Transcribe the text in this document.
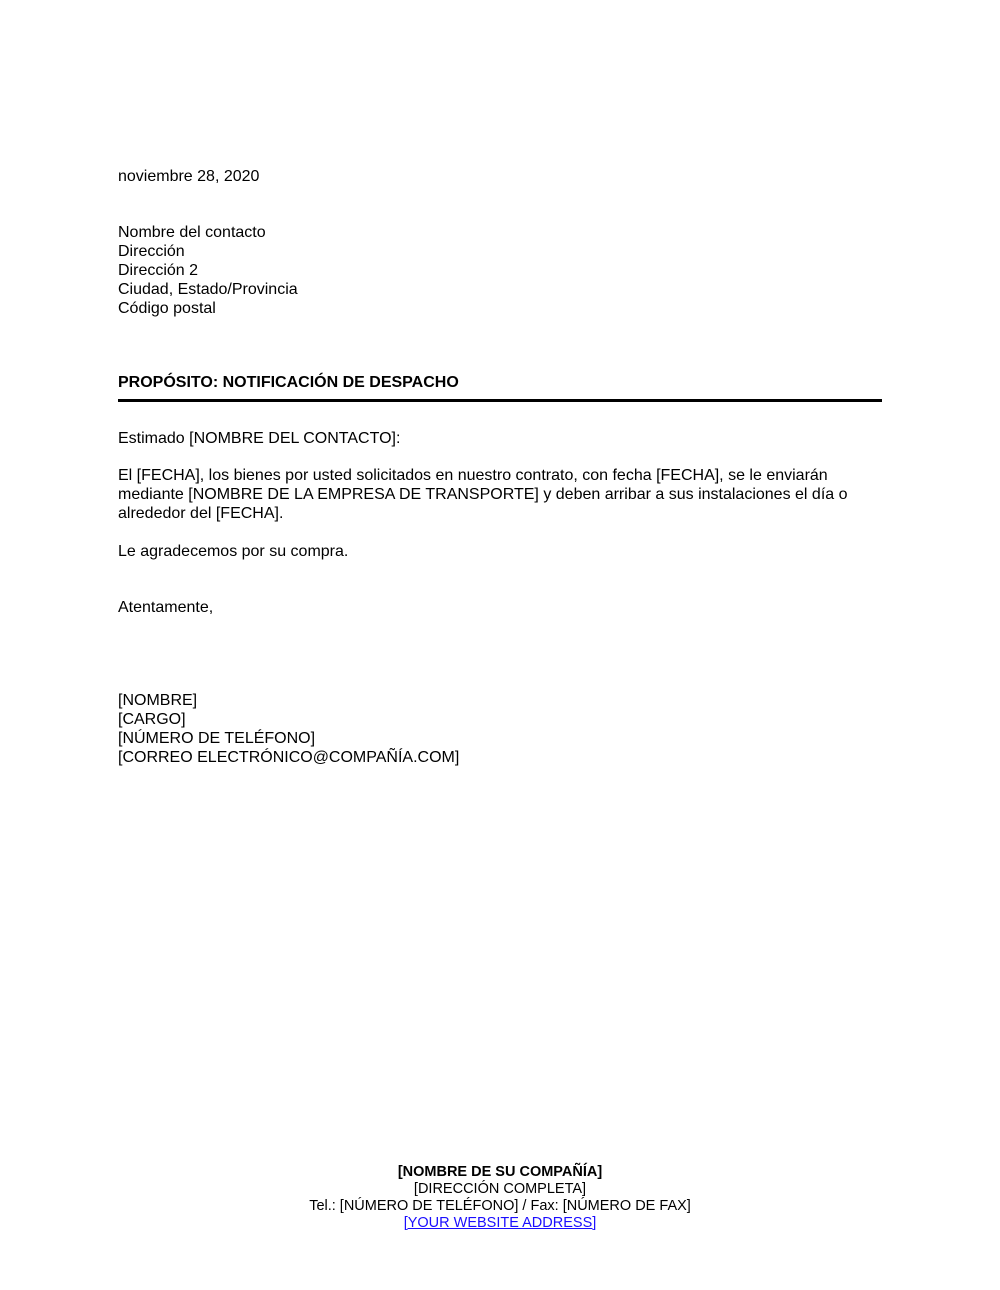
noviembre 28, 2020
Nombre del contacto
Dirección
Dirección 2
Ciudad, Estado/Provincia
Código postal
PROPÓSITO: NOTIFICACIÓN DE DESPACHO
Estimado [NOMBRE DEL CONTACTO]:
El [FECHA], los bienes por usted solicitados en nuestro contrato, con fecha [FECHA], se le enviarán mediante [NOMBRE DE LA EMPRESA DE TRANSPORTE] y deben arribar a sus instalaciones el día o alrededor del [FECHA].
Le agradecemos por su compra.
Atentamente,
[NOMBRE]
[CARGO]
[NÚMERO DE TELÉFONO]
[CORREO ELECTRÓNICO@COMPAÑÍA.COM]
[NOMBRE DE SU COMPAÑÍA]
[DIRECCIÓN COMPLETA]
Tel.: [NÚMERO DE TELÉFONO] / Fax: [NÚMERO DE FAX]
[YOUR WEBSITE ADDRESS]
